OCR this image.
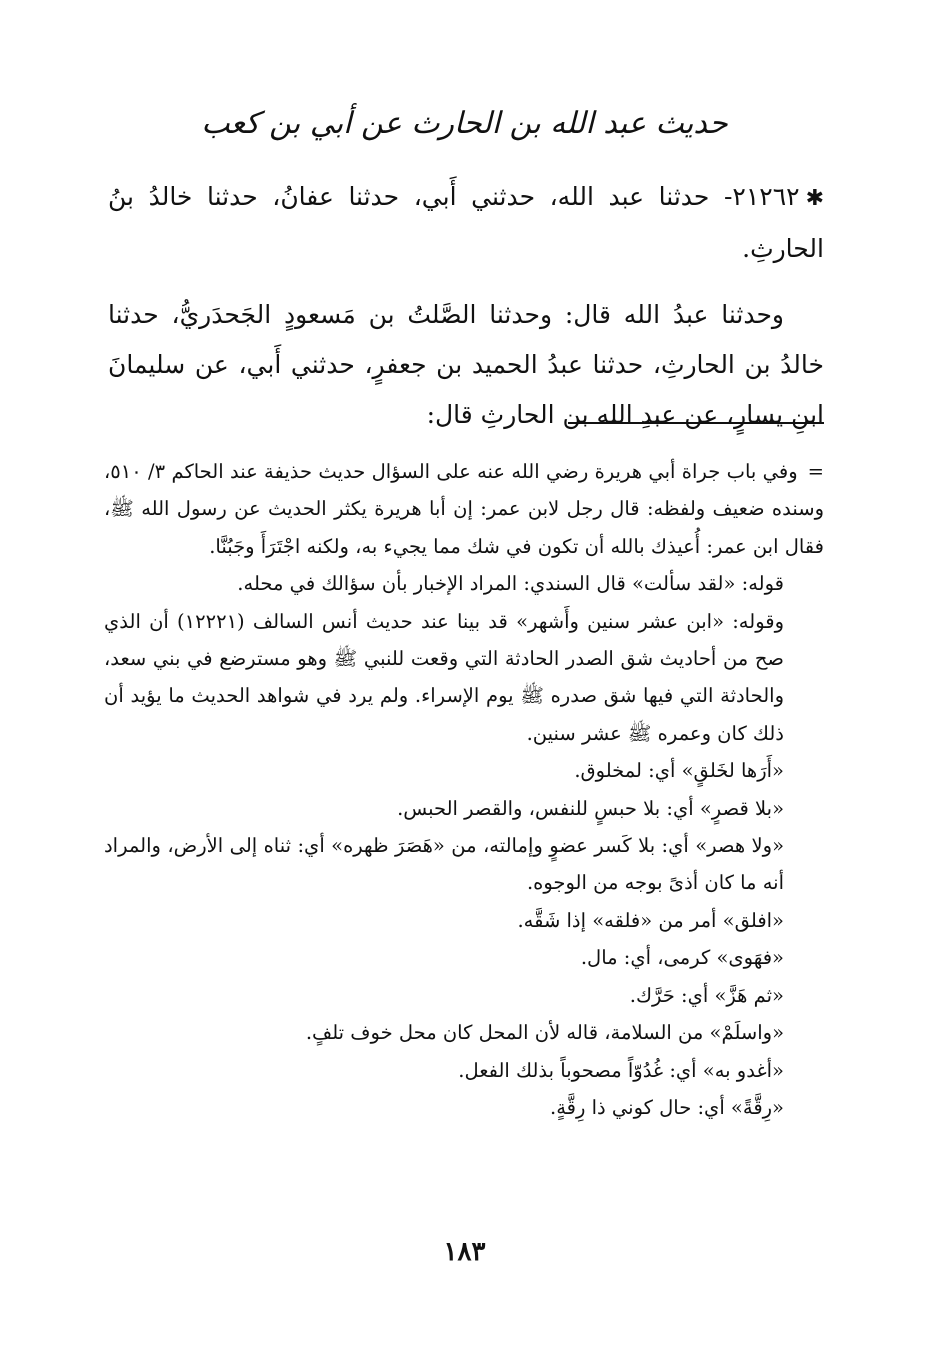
حديث عبد الله بن الحارث عن أبي بن كعب

✱٢١٢٦٢- حدثنا عبد الله، حدثني أَبي، حدثنا عفانُ، حدثنا خالدُ بنُ الحارثِ.

وحدثنا عبدُ الله قال: وحدثنا الصَّلتُ بن مَسعودٍ الجَحدَريُّ، حدثنا خالدُ بن الحارثِ، حدثنا عبدُ الحميد بن جعفرٍ، حدثني أَبي، عن سليمانَ ابنِ يسارٍ، عن عبدِ الله بن الحارثِ قال:

=وفي باب جراة أبي هريرة رضي الله عنه على السؤال حديث حذيفة عند الحاكم ٣/ ٥١٠، وسنده ضعيف ولفظه: قال رجل لابن عمر: إن أبا هريرة يكثر الحديث عن رسول الله ﷺ، فقال ابن عمر: أُعيذك بالله أن تكون في شك مما يجيء به، ولكنه اجْتَرَأَ وجَبُنَّا.

قوله: «لقد سألت» قال السندي: المراد الإخبار بأن سؤالك في محله.

وقوله: «ابن عشر سنين وأَشهر» قد بينا عند حديث أنس السالف (١٢٢٢١) أن الذي صح من أحاديث شق الصدر الحادثة التي وقعت للنبي ﷺ وهو مسترضع في بني سعد، والحادثة التي فيها شق صدره ﷺ يوم الإسراء. ولم يرد في شواهد الحديث ما يؤيد أن ذلك كان وعمره ﷺ عشر سنين.

«أَرَها لخَلقٍ» أي: لمخلوق.

«بلا قصرٍ» أي: بلا حبسٍ للنفس، والقصر الحبس.

«ولا هصر» أي: بلا كَسر عضوٍ وإمالته، من «هَصَرَ ظهره» أي: ثناه إلى الأرض، والمراد أنه ما كان أذىً بوجه من الوجوه.

«افلق» أمر من «فلقه» إذا شَقَّه.

«فهَوى» كرمى، أي: مال.

«ثم هَزَّ» أي: حَرَّك.

«واسلَمْ» من السلامة، قاله لأن المحل كان محل خوف تلفٍ.

«أغدو به» أي: غُدُوّاً مصحوباً بذلك الفعل.

«رِقَّةً» أي: حال كوني ذا رِقَّةٍ.

١٨٣
